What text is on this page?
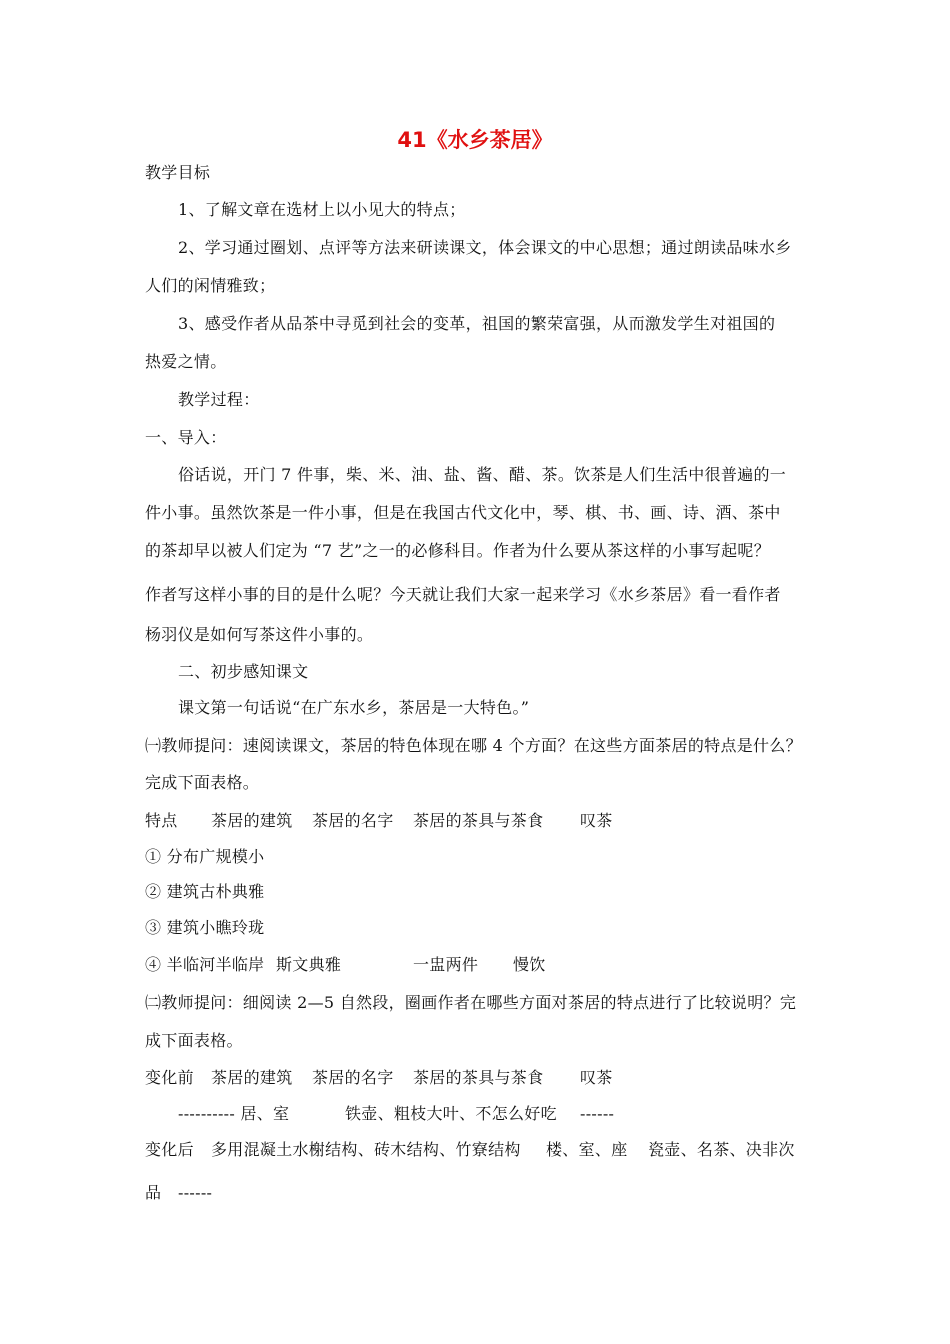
41《水乡茶居》
教学目标
1、了解文章在选材上以小见大的特点；
2、学习通过圈划、点评等方法来研读课文，体会课文的中心思想；通过朗读品味水乡
人们的闲情雅致；
3、感受作者从品茶中寻觅到社会的变革，祖国的繁荣富强，从而激发学生对祖国的
热爱之情。
教学过程：
一、导入：
俗话说，开门 7 件事，柴、米、油、盐、酱、醋、茶。饮茶是人们生活中很普遍的一
件小事。虽然饮茶是一件小事，但是在我国古代文化中，琴、棋、书、画、诗、酒、茶中
的茶却早以被人们定为 “7 艺”之一的必修科目。作者为什么要从茶这样的小事写起呢？
作者写这样小事的目的是什么呢？今天就让我们大家一起来学习《水乡茶居》看一看作者
杨羽仪是如何写茶这件小事的。
二、初步感知课文
课文第一句话说“在广东水乡，茶居是一大特色。”
㈠教师提问：速阅读课文，茶居的特色体现在哪 4 个方面？在这些方面茶居的特点是什么？
完成下面表格。
特点 茶居的建筑 茶居的名字 茶居的茶具与茶食 叹茶
① 分布广规模小
② 建筑古朴典雅
③ 建筑小瞧玲珑
④ 半临河半临岸 斯文典雅	一盅两件 慢饮
㈡教师提问：细阅读 2—5 自然段，圈画作者在哪些方面对茶居的特点进行了比较说明？完
成下面表格。
变化前 茶居的建筑 茶居的名字 茶居的茶具与茶食 叹茶
---------- 居、室	铁壶、粗枝大叶、不怎么好吃 ------
变化后 多用混凝土水榭结构、砖木结构、竹寮结构 楼、室、座 瓷壶、名茶、决非次
品 ------
